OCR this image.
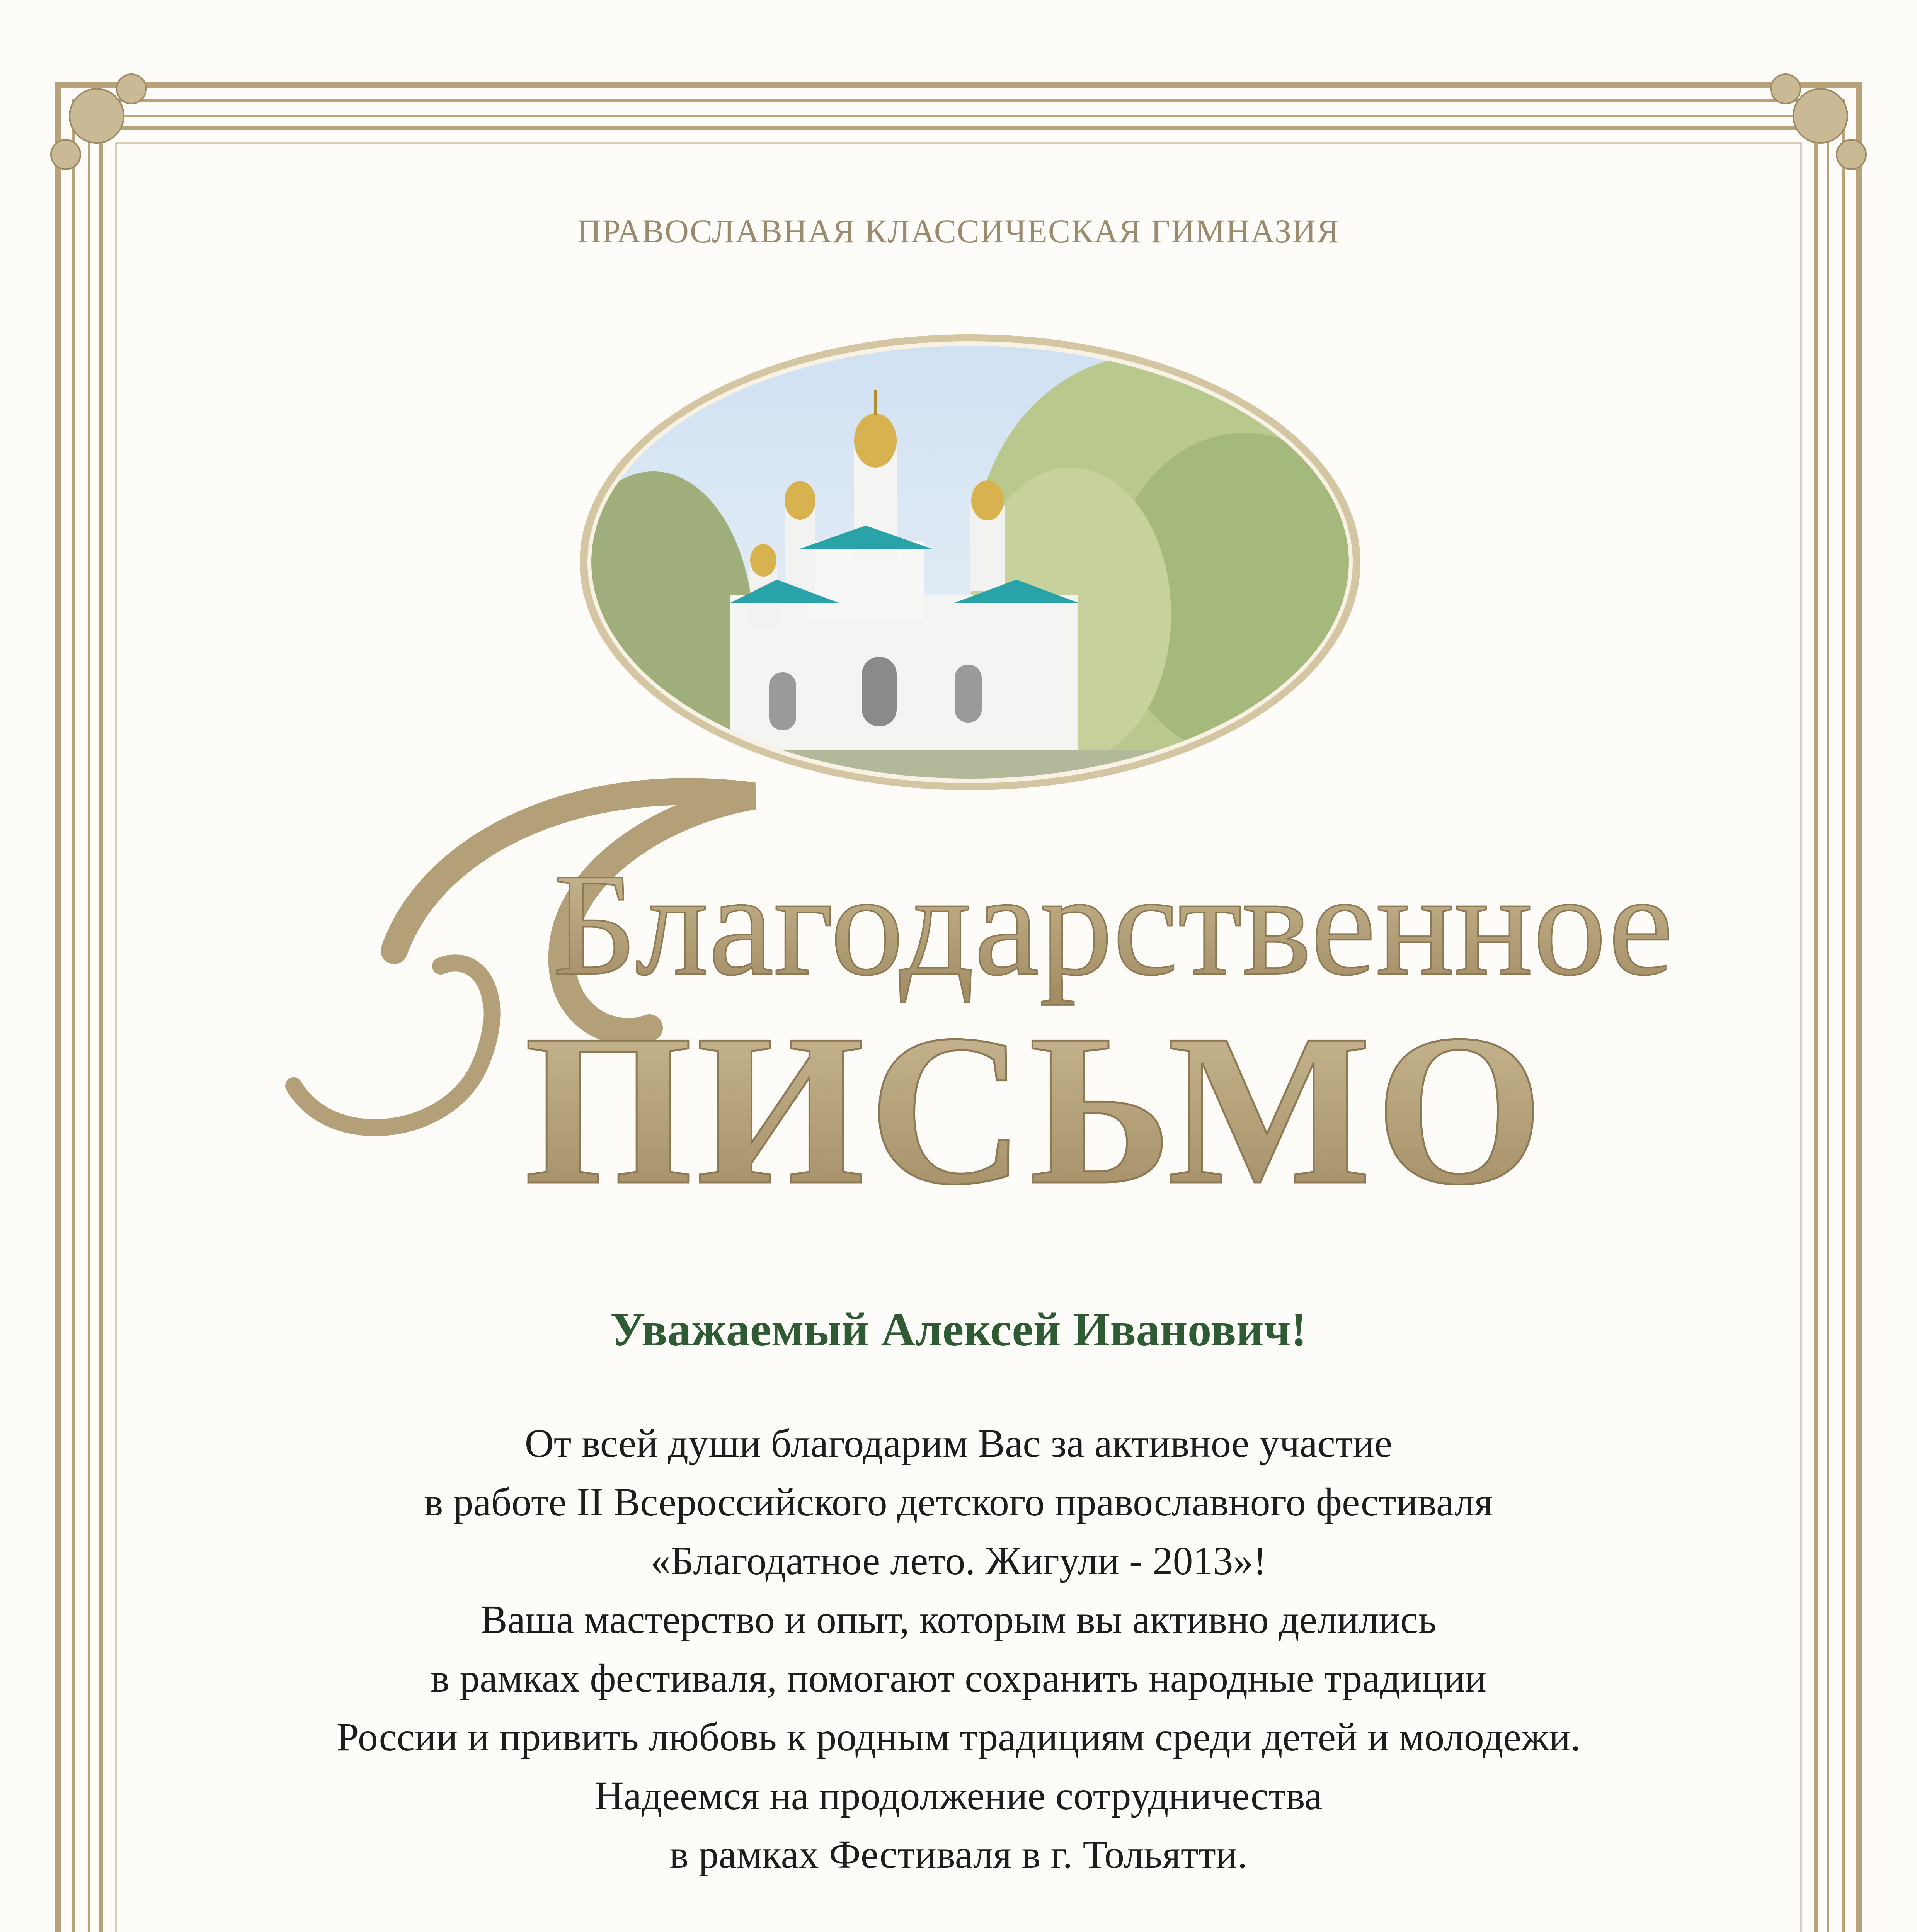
ПРАВОСЛАВНАЯ КЛАССИЧЕСКАЯ ГИМНАЗИЯ
Благодарственное
ПИСЬМО
Уважаемый Алексей Иванович!
От всей души благодарим Вас за активное участие
в работе II Всероссийского детского православного фестиваля
«Благодатное лето. Жигули - 2013»!
Ваша мастерство и опыт, которым вы активно делились
в рамках фестиваля, помогают сохранить народные традиции
России и привить любовь к родным традициям среди детей и молодежи.
Надеемся на продолжение сотрудничества
в рамках Фестиваля в г. Тольятти.
